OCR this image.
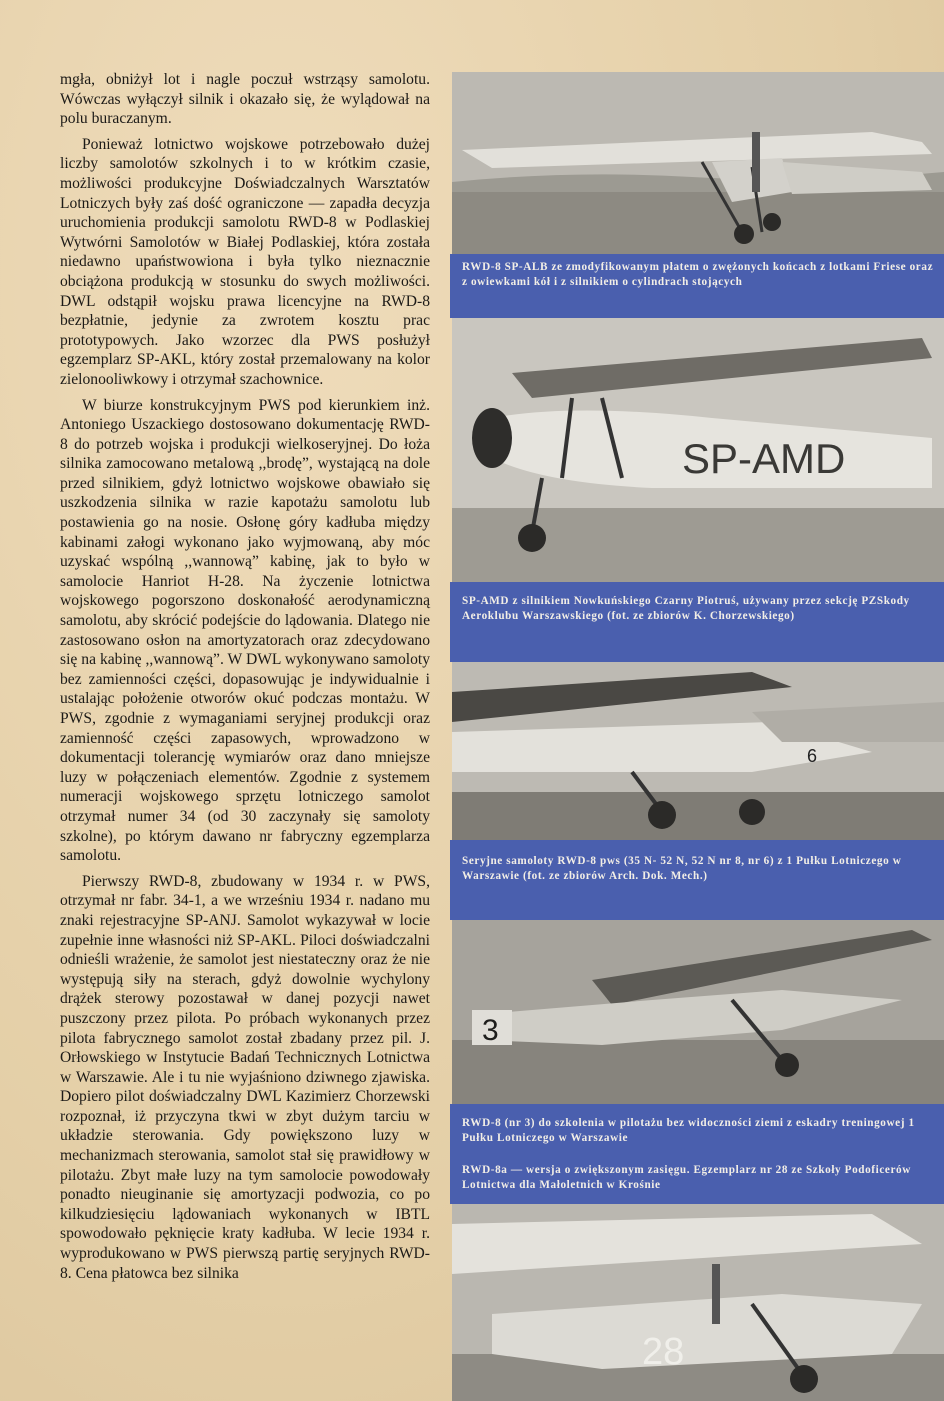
mgła, obniżył lot i nagle poczuł wstrząsy samolotu. Wówczas wyłączył silnik i okazało się, że wylądował na polu buraczanym.

Ponieważ lotnictwo wojskowe potrzebowało dużej liczby samolotów szkolnych i to w krótkim czasie, możliwości produkcyjne Doświadczalnych Warsztatów Lotniczych były zaś dość ograniczone — zapadła decyzja uruchomienia produkcji samolotu RWD-8 w Podlaskiej Wytwórni Samolotów w Białej Podlaskiej, która została niedawno upaństwowiona i była tylko nieznacznie obciążona produkcją w stosunku do swych możliwości. DWL odstąpił wojsku prawa licencyjne na RWD-8 bezpłatnie, jedynie za zwrotem kosztu prac prototypowych. Jako wzorzec dla PWS posłużył egzemplarz SP-AKL, który został przemalowany na kolor zielonooliwkowy i otrzymał szachownice.

W biurze konstrukcyjnym PWS pod kierunkiem inż. Antoniego Uszackiego dostosowano dokumentację RWD-8 do potrzeb wojska i produkcji wielkoseryjnej. Do łoża silnika zamocowano metalową ,,brodę”, wystającą na dole przed silnikiem, gdyż lotnictwo wojskowe obawiało się uszkodzenia silnika w razie kapotażu samolotu lub postawienia go na nosie. Osłonę góry kadłuba między kabinami załogi wykonano jako wyjmowaną, aby móc uzyskać wspólną ,,wannową” kabinę, jak to było w samolocie Hanriot H-28. Na życzenie lotnictwa wojskowego pogorszono doskonałość aerodynamiczną samolotu, aby skrócić podejście do lądowania. Dlatego nie zastosowano osłon na amortyzatorach oraz zdecydowano się na kabinę ,,wannową”. W DWL wykonywano samoloty bez zamienności części, dopasowując je indywidualnie i ustalając położenie otworów okuć podczas montażu. W PWS, zgodnie z wymaganiami seryjnej produkcji oraz zamienność części zapasowych, wprowadzono w dokumentacji tolerancję wymiarów oraz dano mniejsze luzy w połączeniach elementów. Zgodnie z systemem numeracji wojskowego sprzętu lotniczego samolot otrzymał numer 34 (od 30 zaczynały się samoloty szkolne), po którym dawano nr fabryczny egzemplarza samolotu.

Pierwszy RWD-8, zbudowany w 1934 r. w PWS, otrzymał nr fabr. 34-1, a we wrześniu 1934 r. nadano mu znaki rejestracyjne SP-ANJ. Samolot wykazywał w locie zupełnie inne własności niż SP-AKL. Piloci doświadczalni odnieśli wrażenie, że samolot jest niestateczny oraz że nie występują siły na sterach, gdyż dowolnie wychylony drążek sterowy pozostawał w danej pozycji nawet puszczony przez pilota. Po próbach wykonanych przez pilota fabrycznego samolot został zbadany przez pil. J. Orłowskiego w Instytucie Badań Technicznych Lotnictwa w Warszawie. Ale i tu nie wyjaśniono dziwnego zjawiska. Dopiero pilot doświadczalny DWL Kazimierz Chorzewski rozpoznał, iż przyczyna tkwi w zbyt dużym tarciu w układzie sterowania. Gdy powiększono luzy w mechanizmach sterowania, samolot stał się prawidłowy w pilotażu. Zbyt małe luzy na tym samolocie powodowały ponadto nieuginanie się amortyzacji podwozia, co po kilkudziesięciu lądowaniach wykonanych w IBTL spowodowało pęknięcie kraty kadłuba. W lecie 1934 r. wyprodukowano w PWS pierwszą partię seryjnych RWD-8. Cena płatowca bez silnika

RWD-8 SP-ALB ze zmodyfikowanym płatem o zwężonych końcach z lotkami Friese oraz z owiewkami kół i z silnikiem o cylindrach stojących
SP-AMD
SP-AMD z silnikiem Nowkuńskiego Czarny Piotruś, używany przez sekcję PZSkody Aeroklubu Warszawskiego (fot. ze zbiorów K. Chorzewskiego)
6
Seryjne samoloty RWD-8 pws (35 N- 52 N, 52 N nr 8, nr 6) z 1 Pułku Lotniczego w Warszawie (fot. ze zbiorów Arch. Dok. Mech.)
3
RWD-8 (nr 3) do szkolenia w pilotażu bez widoczności ziemi z eskadry treningowej 1 Pułku Lotniczego w Warszawie
RWD-8a — wersja o zwiększonym zasięgu. Egzemplarz nr 28 ze Szkoły Podoficerów Lotnictwa dla Małoletnich w Krośnie
28
